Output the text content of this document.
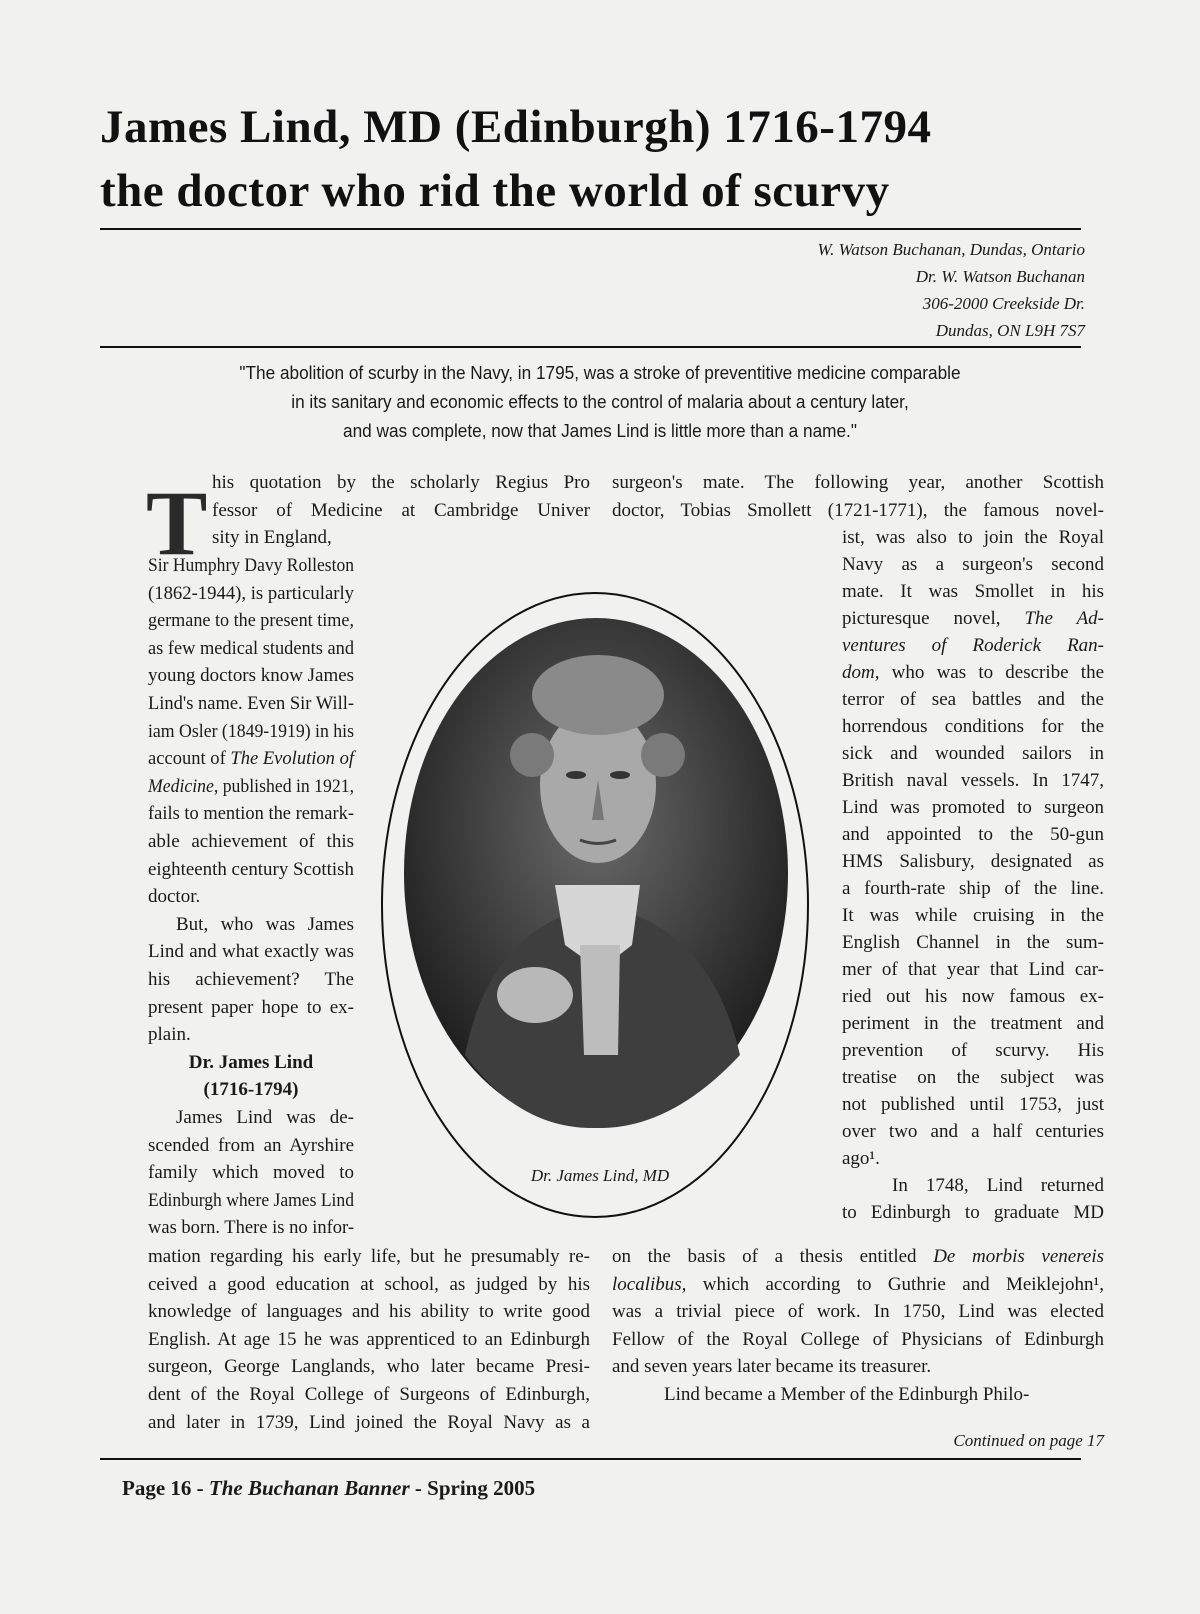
James Lind, MD (Edinburgh) 1716-1794
the doctor who rid the world of scurvy
W. Watson Buchanan, Dundas, Ontario
Dr. W. Watson Buchanan
306-2000 Creekside Dr.
Dundas, ON L9H 7S7
"The abolition of scurby in the Navy, in 1795, was a stroke of preventitive medicine comparable
in its sanitary and economic effects to the control of malaria about a century later,
and was complete, now that James Lind is little more than a name."
T
Dr. James Lind, MD
his quotation by the scholarly Regius Pro
fessor of Medicine at Cambridge Univer
sity in England,
Sir Humphry Davy Rolleston
(1862-1944), is particularly
germane to the present time,
as few medical students and
young doctors know James
Lind's name. Even Sir Will-
iam Osler (1849-1919) in his
account of The Evolution of
Medicine, published in 1921,
fails to mention the remark-
able achievement of this
eighteenth century Scottish
doctor.
But, who was James
Lind and what exactly was
his achievement? The
present paper hope to ex-
plain.
Dr. James Lind
(1716-1794)
James Lind was de-
scended from an Ayrshire
family which moved to
Edinburgh where James Lind
was born. There is no infor-
mation regarding his early life, but he presumably re-
ceived a good education at school, as judged by his
knowledge of languages and his ability to write good
English. At age 15 he was apprenticed to an Edinburgh
surgeon, George Langlands, who later became Presi-
dent of the Royal College of Surgeons of Edinburgh,
and later in 1739, Lind joined the Royal Navy as a
surgeon's mate. The following year, another Scottish
doctor, Tobias Smollett (1721-1771), the famous novel-
ist, was also to join the Royal
Navy as a surgeon's second
mate. It was Smollet in his
picturesque novel, The Ad-
ventures of Roderick Ran-
dom, who was to describe the
terror of sea battles and the
horrendous conditions for the
sick and wounded sailors in
British naval vessels. In 1747,
Lind was promoted to surgeon
and appointed to the 50-gun
HMS Salisbury, designated as
a fourth-rate ship of the line.
It was while cruising in the
English Channel in the sum-
mer of that year that Lind car-
ried out his now famous ex-
periment in the treatment and
prevention of scurvy. His
treatise on the subject was
not published until 1753, just
over two and a half centuries
ago¹.
In 1748, Lind returned
to Edinburgh to graduate MD
on the basis of a thesis entitled De morbis venereis
localibus, which according to Guthrie and Meiklejohn¹,
was a trivial piece of work. In 1750, Lind was elected
Fellow of the Royal College of Physicians of Edinburgh
and seven years later became its treasurer.
Lind became a Member of the Edinburgh Philo-
Continued on page 17
Page 16 - The Buchanan Banner - Spring 2005
